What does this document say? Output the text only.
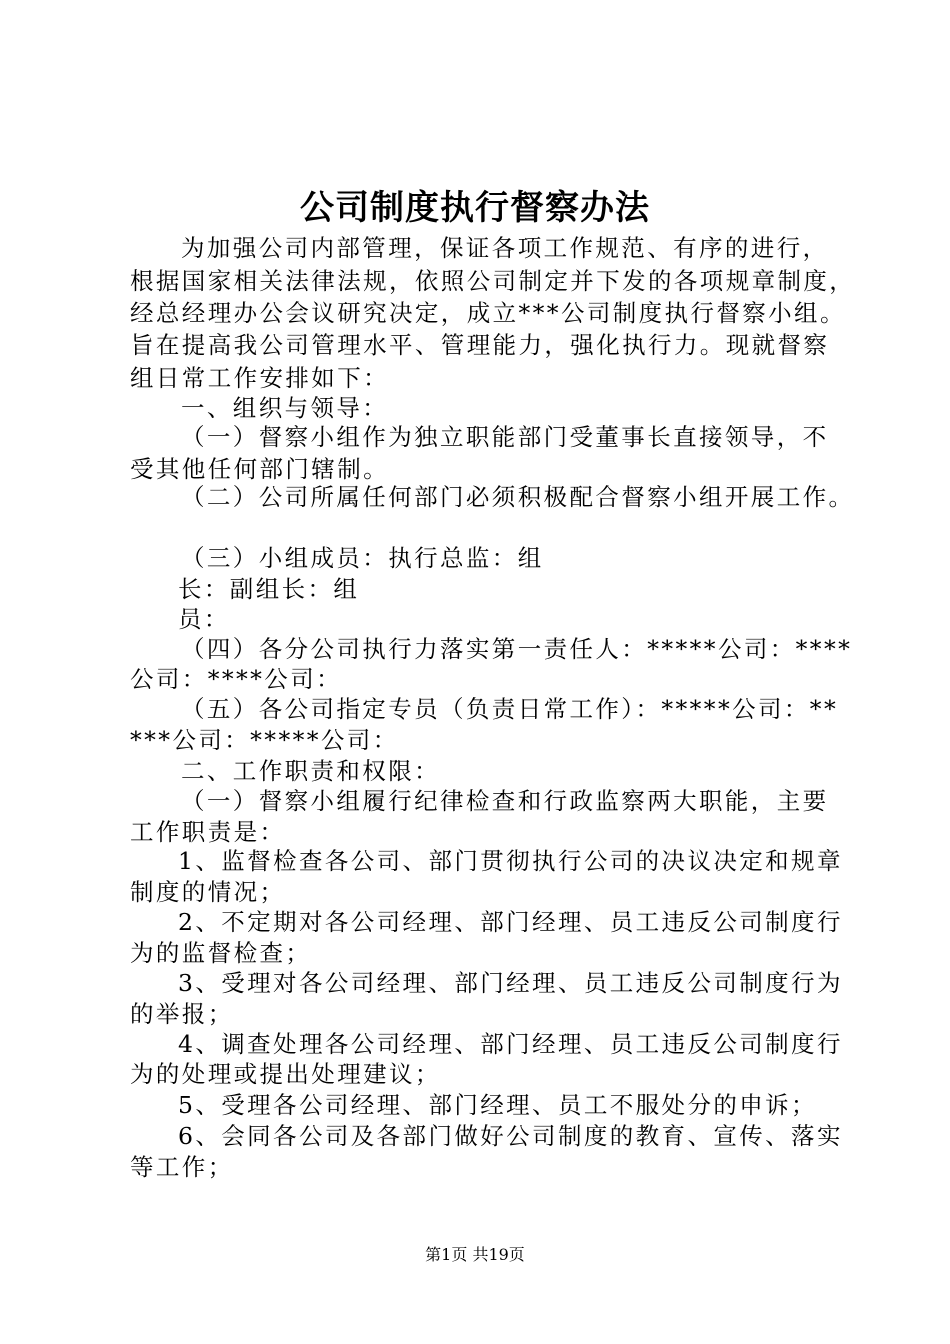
公司制度执行督察办法
为加强公司内部管理，保证各项工作规范、有序的进行，
根据国家相关法律法规，依照公司制定并下发的各项规章制度，
经总经理办公会议研究决定，成立***公司制度执行督察小组。
旨在提高我公司管理水平、管理能力，强化执行力。现就督察
组日常工作安排如下：
一、组织与领导：
（一）督察小组作为独立职能部门受董事长直接领导，不
受其他任何部门辖制。
（二）公司所属任何部门必须积极配合督察小组开展工作。
（三）小组成员：执行总监：组
长：副组长：组
员：
（四）各分公司执行力落实第一责任人：*****公司：****
公司：****公司：
（五）各公司指定专员（负责日常工作）：*****公司：**
***公司：*****公司：
二、工作职责和权限：
（一）督察小组履行纪律检查和行政监察两大职能，主要
工作职责是：
1、监督检查各公司、部门贯彻执行公司的决议决定和规章
制度的情况；
2、不定期对各公司经理、部门经理、员工违反公司制度行
为的监督检查；
3、受理对各公司经理、部门经理、员工违反公司制度行为
的举报；
4、调查处理各公司经理、部门经理、员工违反公司制度行
为的处理或提出处理建议；
5、受理各公司经理、部门经理、员工不服处分的申诉；
6、会同各公司及各部门做好公司制度的教育、宣传、落实
等工作；
第1页 共19页
